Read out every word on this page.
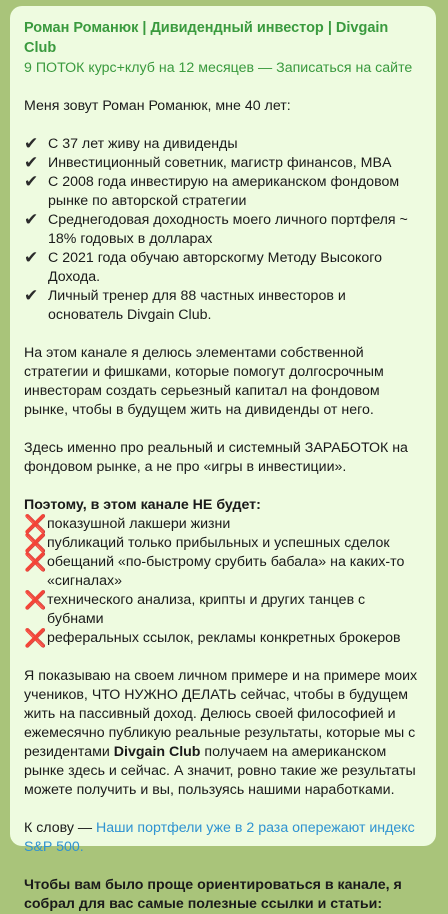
Роман Романюк | Дивидендный инвестор | Divgain Club
9 ПОТОК курс+клуб на 12 месяцев — Записаться на сайте

Меня зовут Роман Романюк, мне 40 лет:

✔ С 37 лет живу на дивиденды
✔ Инвестиционный советник, магистр финансов, MBA
✔ С 2008 года инвестирую на американском фондовом рынке по авторской стратегии
✔ Среднегодовая доходность моего личного портфеля ~ 18% годовых в долларах
✔ С 2021 года обучаю авторскогму Методу Высокого Дохода.
✔ Личный тренер для 88 частных инвесторов и основатель Divgain Club.

На этом канале я делюсь элементами собственной стратегии и фишками, которые помогут долгосрочным инвесторам создать серьезный капитал на фондовом рынке, чтобы в будущем жить на дивиденды от него.

Здесь именно про реальный и системный ЗАРАБОТОК на фондовом рынке, а не про «игры в инвестиции».

Поэтому, в этом канале НЕ будет:

❌ показушной лакшери жизни
❌ публикаций только прибыльных и успешных сделок
❌ обещаний «по-быстрому срубить бабала» на каких-то «сигналах»
❌ технического анализа, крипты и других танцев с бубнами
❌ реферальных ссылок, рекламы конкретных брокеров

Я показываю на своем личном примере и на примере моих учеников, ЧТО НУЖНО ДЕЛАТЬ сейчас, чтобы в будущем жить на пассивный доход. Делюсь своей философией и ежемесячно публикую реальные результаты, которые мы с резидентами Divgain Club получаем на американском рынке здесь и сейчас. А значит, ровно такие же результаты можете получить и вы, пользуясь нашими наработками.

К слову — Наши портфели уже в 2 раза опережают индекс S&P 500.

Чтобы вам было проще ориентироваться в канале, я собрал для вас самые полезные ссылки и статьи:
